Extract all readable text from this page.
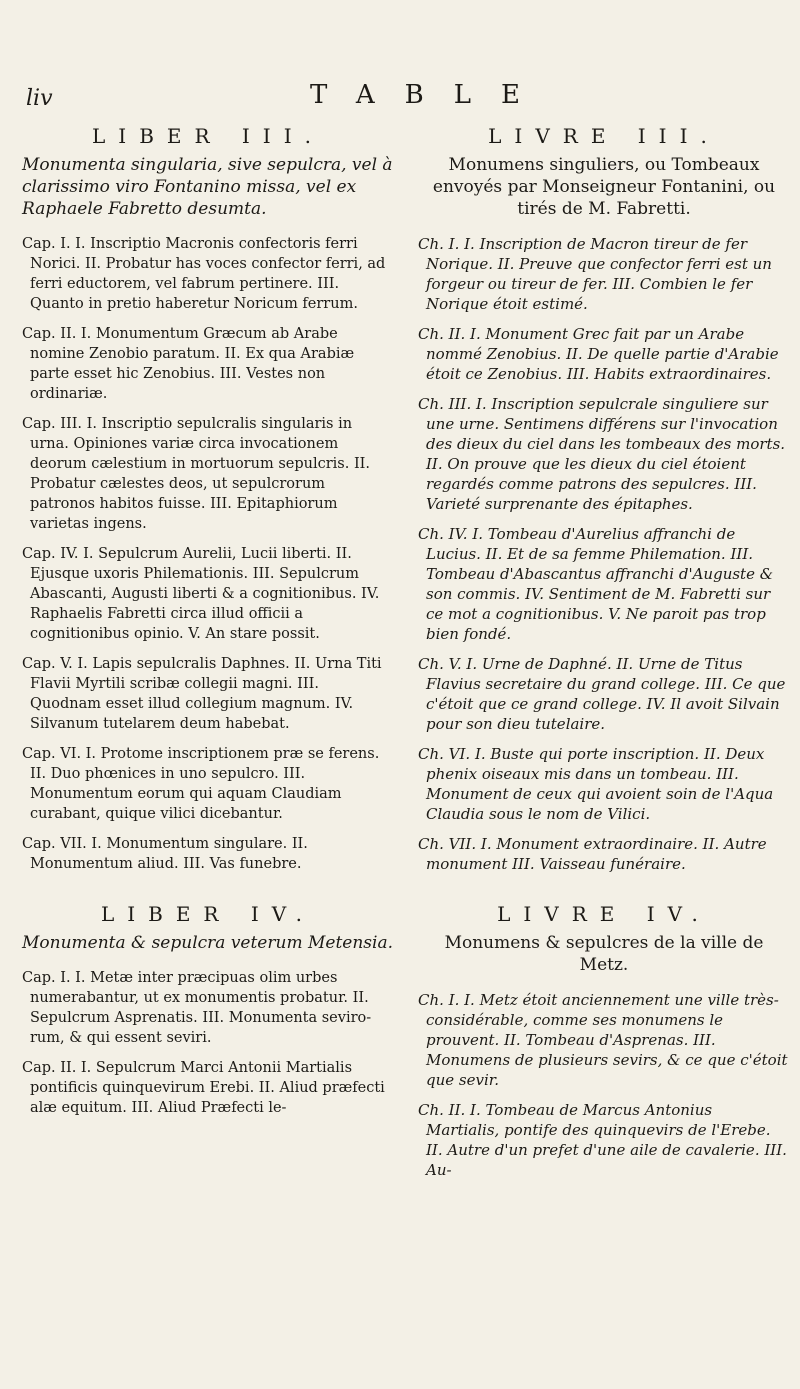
liv	TABLE
LIBER III.
Monumenta singularia, sive sepulcra, vel à clarissimo viro Fontanino missa, vel ex Raphaele Fabretto desumta.

Cap. I. I. Inscriptio Macronis confectoris ferri Norici. II. Probatur has voces confector ferri, ad ferri eductorem, vel fabrum pertinere. III. Quanto in pretio haberetur Noricum ferrum.

Cap. II. I. Monumentum Græcum ab Arabe nomine Zenobio paratum. II. Ex qua Arabiæ parte esset hic Zenobius. III. Vestes non ordinariæ.

Cap. III. I. Inscriptio sepulcralis singularis in urna. Opiniones variæ circa invocationem deorum cælestium in mortuorum sepulcris. II. Probatur cælestes deos, ut sepulcrorum patronos habitos fuisse. III. Epitaphiorum varietas ingens.

Cap. IV. I. Sepulcrum Aurelii, Lucii liberti. II. Ejusque uxoris Philemationis. III. Sepulcrum Abascanti, Augusti liberti & a cognitionibus. IV. Raphaelis Fabretti circa illud officii a cognitionibus opinio. V. An stare possit.

Cap. V. I. Lapis sepulcralis Daphnes. II. Urna Titi Flavii Myrtili scribæ collegii magni. III. Quodnam esset illud collegium magnum. IV. Silvanum tutelarem deum habebat.

Cap. VI. I. Protome inscriptionem præ se ferens. II. Duo phœnices in uno sepulcro. III. Monumentum eorum qui aquam Claudiam curabant, quique vilici dicebantur.

Cap. VII. I. Monumentum singulare. II. Monumentum aliud. III. Vas funebre.

LIBER IV.
Monumenta & sepulcra veterum Metensia.

Cap. I. I. Metæ inter præcipuas olim urbes numerabantur, ut ex monumentis probatur. II. Sepulcrum Asprenatis. III. Monumenta sevirorum, & qui essent seviri.

Cap. II. I. Sepulcrum Marci Antonii Martialis pontificis quinquevirum Erebi. II. Aliud præfecti alæ equitum. III. Aliud Præfecti le-

LIVRE III.
Monumens singuliers, ou Tombeaux envoyés par Monseigneur Fontanini, ou tirés de M. Fabretti.

Ch. I. I. Inscription de Macron tireur de fer Norique. II. Preuve que confector ferri est un forgeur ou tireur de fer. III. Combien le fer Norique étoit estimé.

Ch. II. I. Monument Grec fait par un Arabe nommé Zenobius. II. De quelle partie d'Arabie étoit ce Zenobius. III. Habits extraordinaires.

Ch. III. I. Inscription sepulcrale singuliere sur une urne. Sentimens différens sur l'invocation des dieux du ciel dans les tombeaux des morts. II. On prouve que les dieux du ciel étoient regardés comme patrons des sepulcres. III. Varieté surprenante des épitaphes.

Ch. IV. I. Tombeau d'Aurelius affranchi de Lucius. II. Et de sa femme Philemation. III. Tombeau d'Abascantus affranchi d'Auguste & son commis. IV. Sentiment de M. Fabretti sur ce mot a cognitionibus. V. Ne paroit pas trop bien fondé.

Ch. V. I. Urne de Daphné. II. Urne de Titus Flavius secretaire du grand college. III. Ce que c'étoit que ce grand college. IV. Il avoit Silvain pour son dieu tutelaire.

Ch. VI. I. Buste qui porte inscription. II. Deux phenix oiseaux mis dans un tombeau. III. Monument de ceux qui avoient soin de l'Aqua Claudia sous le nom de Vilici.

Ch. VII. I. Monument extraordinaire. II. Autre monument III. Vaisseau funéraire.

LIVRE IV.
Monumens & sepulcres de la ville de Metz.

Ch. I. I. Metz étoit anciennement une ville très-considérable, comme ses monumens le prouvent. II. Tombeau d'Asprenas. III. Monumens de plusieurs sevirs, & ce que c'étoit que sevir.

Ch. II. I. Tombeau de Marcus Antonius Martialis, pontife des quinquevirs de l'Erebe. II. Autre d'un prefet d'une aile de cavalerie. III. Au-
